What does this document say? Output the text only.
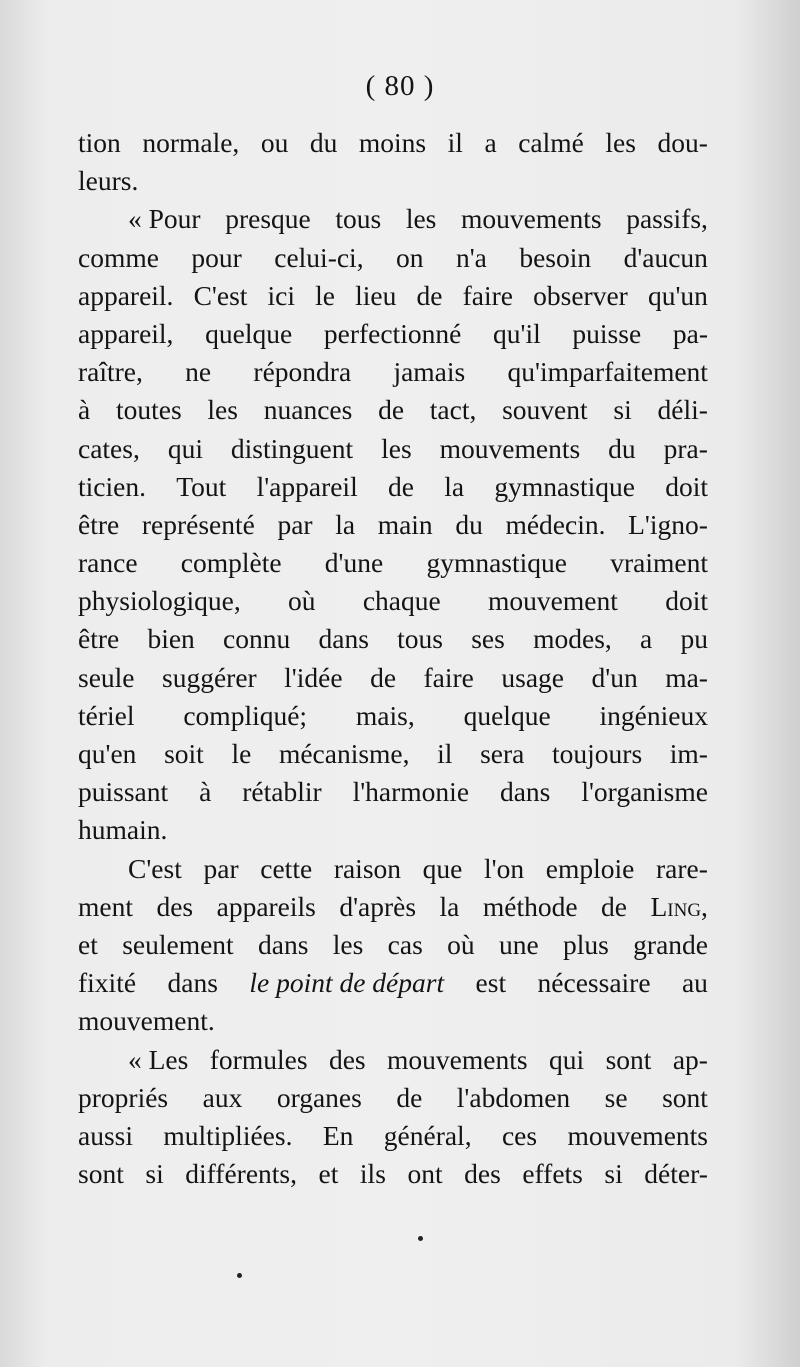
( 80 )
tion normale, ou du moins il a calmé les dou-
leurs.
« Pour presque tous les mouvements passifs,
comme pour celui-ci, on n'a besoin d'aucun
appareil. C'est ici le lieu de faire observer qu'un
appareil, quelque perfectionné qu'il puisse pa-
raître, ne répondra jamais qu'imparfaitement
à toutes les nuances de tact, souvent si déli-
cates, qui distinguent les mouvements du pra-
ticien. Tout l'appareil de la gymnastique doit
être représenté par la main du médecin. L'igno-
rance complète d'une gymnastique vraiment
physiologique, où chaque mouvement doit
être bien connu dans tous ses modes, a pu
seule suggérer l'idée de faire usage d'un ma-
tériel compliqué; mais, quelque ingénieux
qu'en soit le mécanisme, il sera toujours im-
puissant à rétablir l'harmonie dans l'organisme
humain.
C'est par cette raison que l'on emploie rare-
ment des appareils d'après la méthode de Ling,
et seulement dans les cas où une plus grande
fixité dans le point de départ est nécessaire au
mouvement.
« Les formules des mouvements qui sont ap-
propriés aux organes de l'abdomen se sont
aussi multipliées. En général, ces mouvements
sont si différents, et ils ont des effets si déter-
